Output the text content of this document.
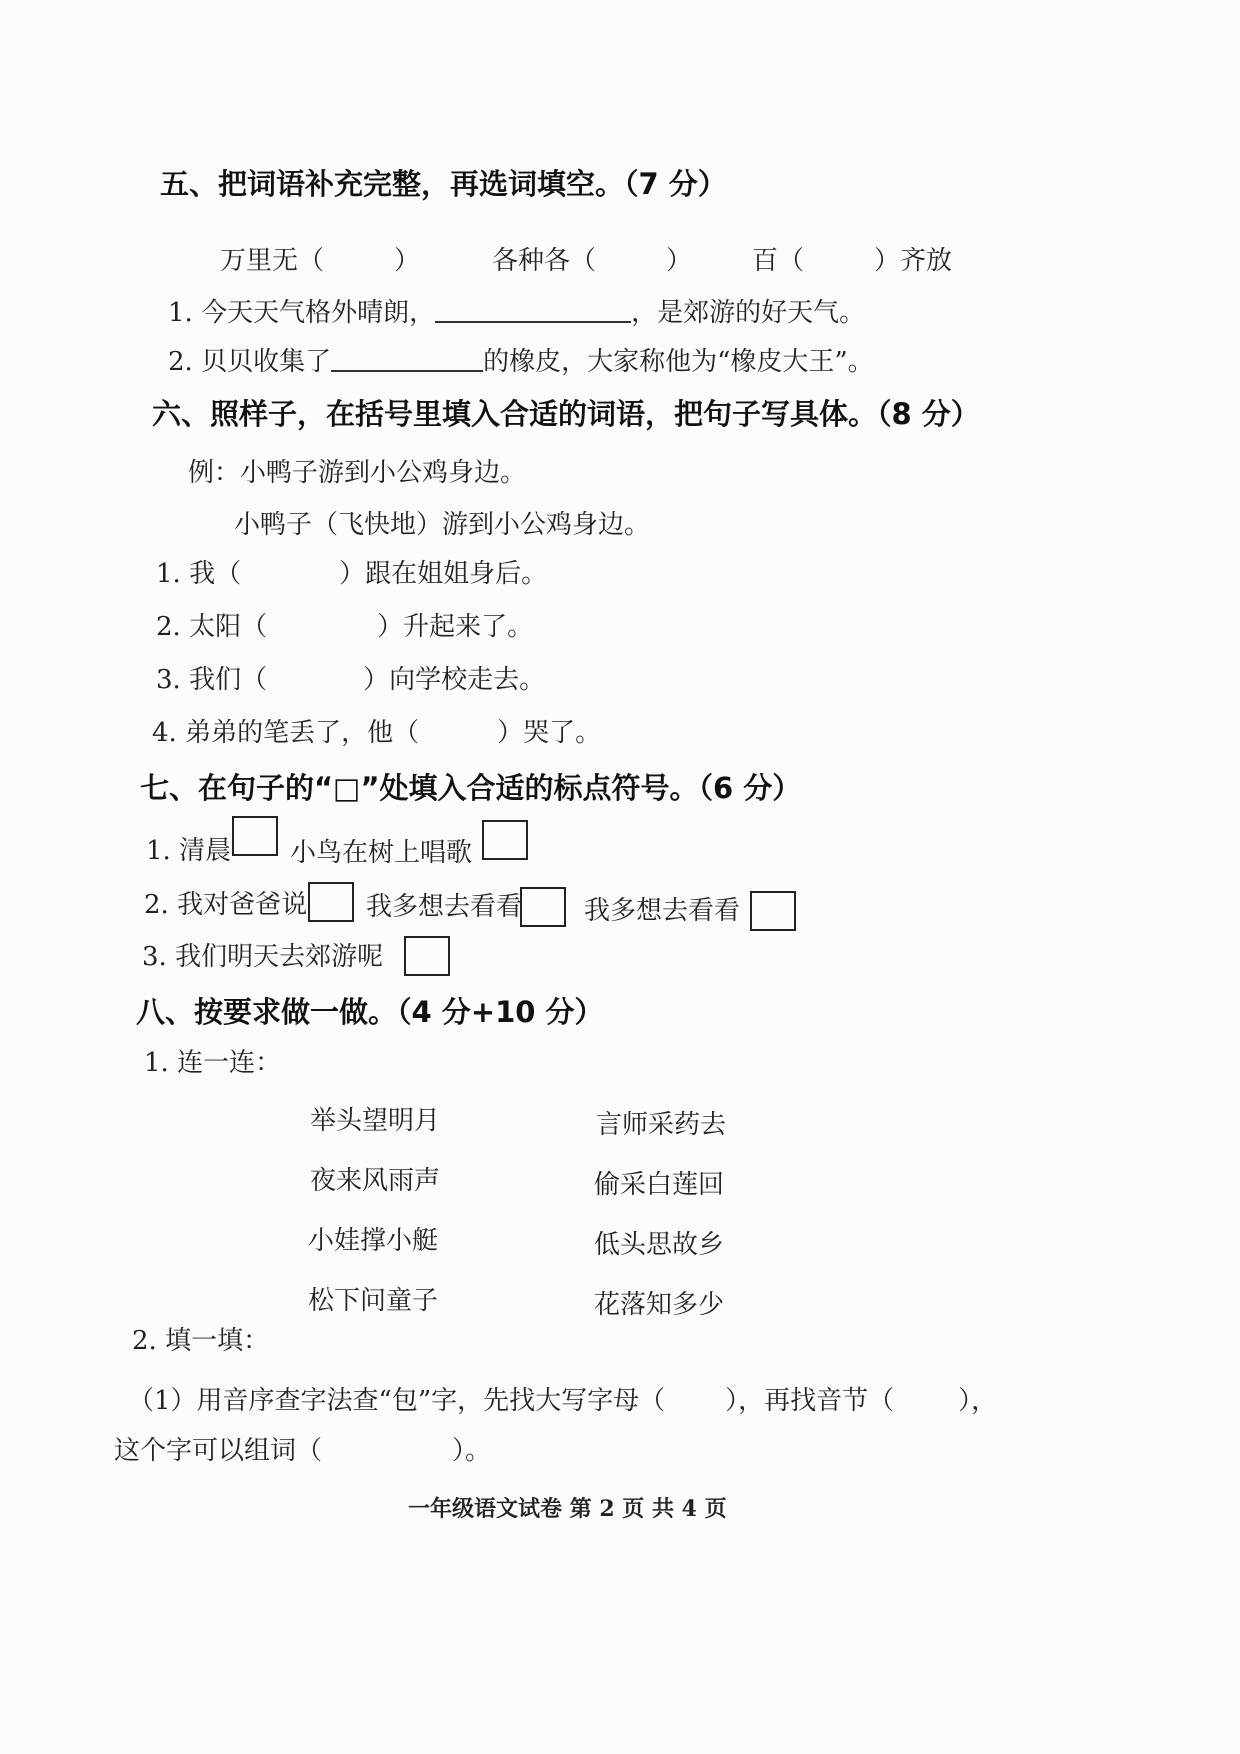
五、把词语补充完整，再选词填空。（7 分）
万里无（	）	各种各（	） 百（	）齐放
1. 今天天气格外晴朗，	，是郊游的好天气。
2. 贝贝收集了	的橡皮，大家称他为“橡皮大王”。
六、照样子，在括号里填入合适的词语，把句子写具体。（8 分）
例：小鸭子游到小公鸡身边。
小鸭子（飞快地）游到小公鸡身边。
1. 我（	）跟在姐姐身后。
2. 太阳（	）升起来了。
3. 我们（	）向学校走去。
4. 弟弟的笔丢了，他（	）哭了。
七、在句子的“□”处填入合适的标点符号。（6 分）
1. 清晨 小鸟在树上唱歌
2. 我对爸爸说 我多想去看看 我多想去看看
3. 我们明天去郊游呢
八、按要求做一做。（4 分+10 分）
1. 连一连：
举头望明月
夜来风雨声
小娃撑小艇
松下问童子
言师采药去
偷采白莲回
低头思故乡
花落知多少
2. 填一填：
（1）用音序查字法查“包”字，先找大写字母（ ），再找音节（ ），
这个字可以组词（	）。
一年级语文试卷 第 2 页 共 4 页
